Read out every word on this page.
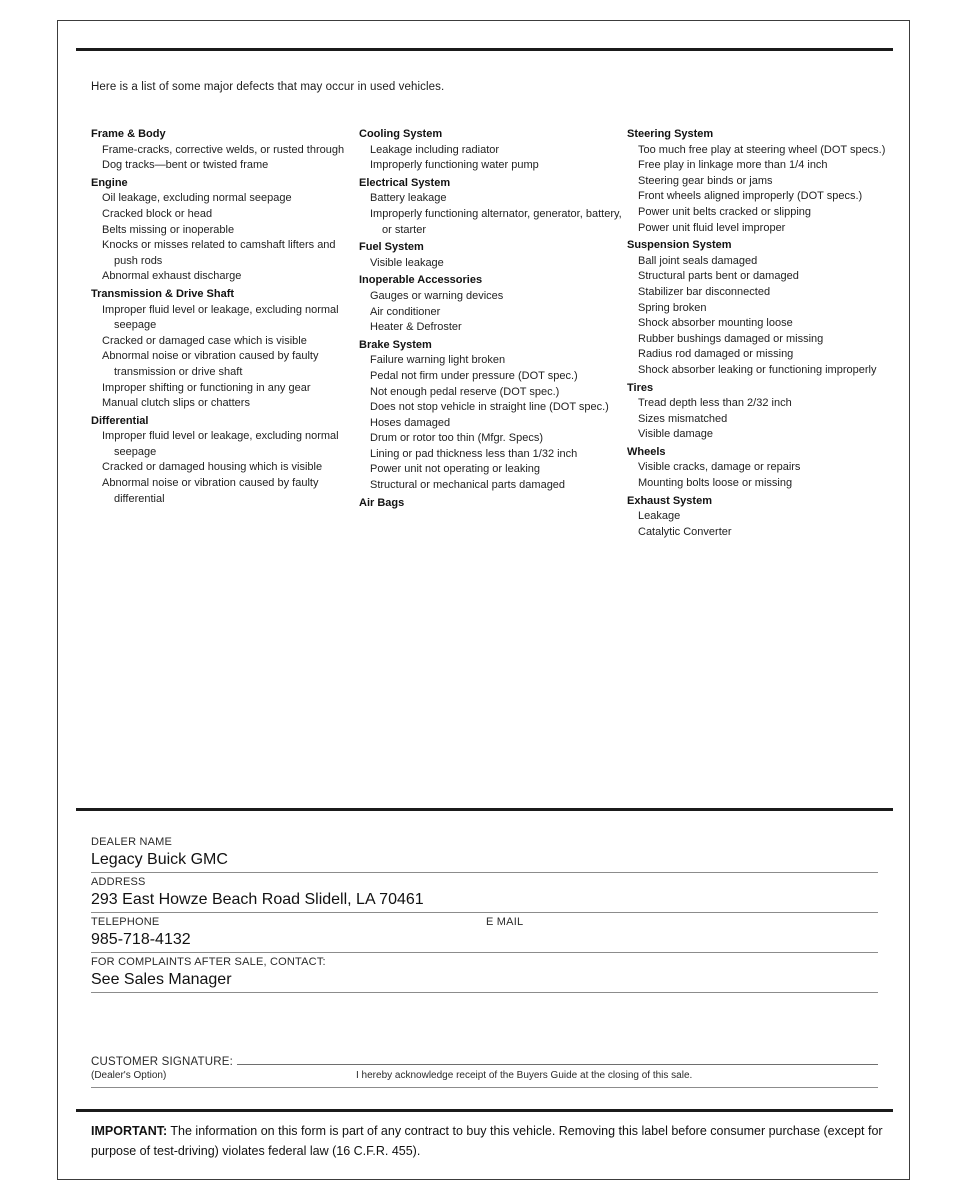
Here is a list of some major defects that may occur in used vehicles.
Frame & Body
Frame-cracks, corrective welds, or rusted through
Dog tracks—bent or twisted frame
Engine
Oil leakage, excluding normal seepage
Cracked block or head
Belts missing or inoperable
Knocks or misses related to camshaft lifters and push rods
Abnormal exhaust discharge
Transmission & Drive Shaft
Improper fluid level or leakage, excluding normal seepage
Cracked or damaged case which is visible
Abnormal noise or vibration caused by faulty transmission or drive shaft
Improper shifting or functioning in any gear
Manual clutch slips or chatters
Differential
Improper fluid level or leakage, excluding normal seepage
Cracked or damaged housing which is visible
Abnormal noise or vibration caused by faulty differential
Cooling System
Leakage including radiator
Improperly functioning water pump
Electrical System
Battery leakage
Improperly functioning alternator, generator, battery, or starter
Fuel System
Visible leakage
Inoperable Accessories
Gauges or warning devices
Air conditioner
Heater & Defroster
Brake System
Failure warning light broken
Pedal not firm under pressure (DOT spec.)
Not enough pedal reserve (DOT spec.)
Does not stop vehicle in straight line (DOT spec.)
Hoses damaged
Drum or rotor too thin (Mfgr. Specs)
Lining or pad thickness less than 1/32 inch
Power unit not operating or leaking
Structural or mechanical parts damaged
Air Bags
Steering System
Too much free play at steering wheel (DOT specs.)
Free play in linkage more than 1/4 inch
Steering gear binds or jams
Front wheels aligned improperly (DOT specs.)
Power unit belts cracked or slipping
Power unit fluid level improper
Suspension System
Ball joint seals damaged
Structural parts bent or damaged
Stabilizer bar disconnected
Spring broken
Shock absorber mounting loose
Rubber bushings damaged or missing
Radius rod damaged or missing
Shock absorber leaking or functioning improperly
Tires
Tread depth less than 2/32 inch
Sizes mismatched
Visible damage
Wheels
Visible cracks, damage or repairs
Mounting bolts loose or missing
Exhaust System
Leakage
Catalytic Converter
DEALER NAME
Legacy Buick GMC
ADDRESS
293 East Howze Beach Road Slidell, LA 70461
TELEPHONE	E MAIL
985-718-4132

FOR COMPLAINTS AFTER SALE, CONTACT:
See Sales Manager
CUSTOMER SIGNATURE:
(Dealer's Option)	I hereby acknowledge receipt of the Buyers Guide at the closing of this sale.
IMPORTANT: The information on this form is part of any contract to buy this vehicle. Removing this label before consumer purchase (except for purpose of test-driving) violates federal law (16 C.F.R. 455).
